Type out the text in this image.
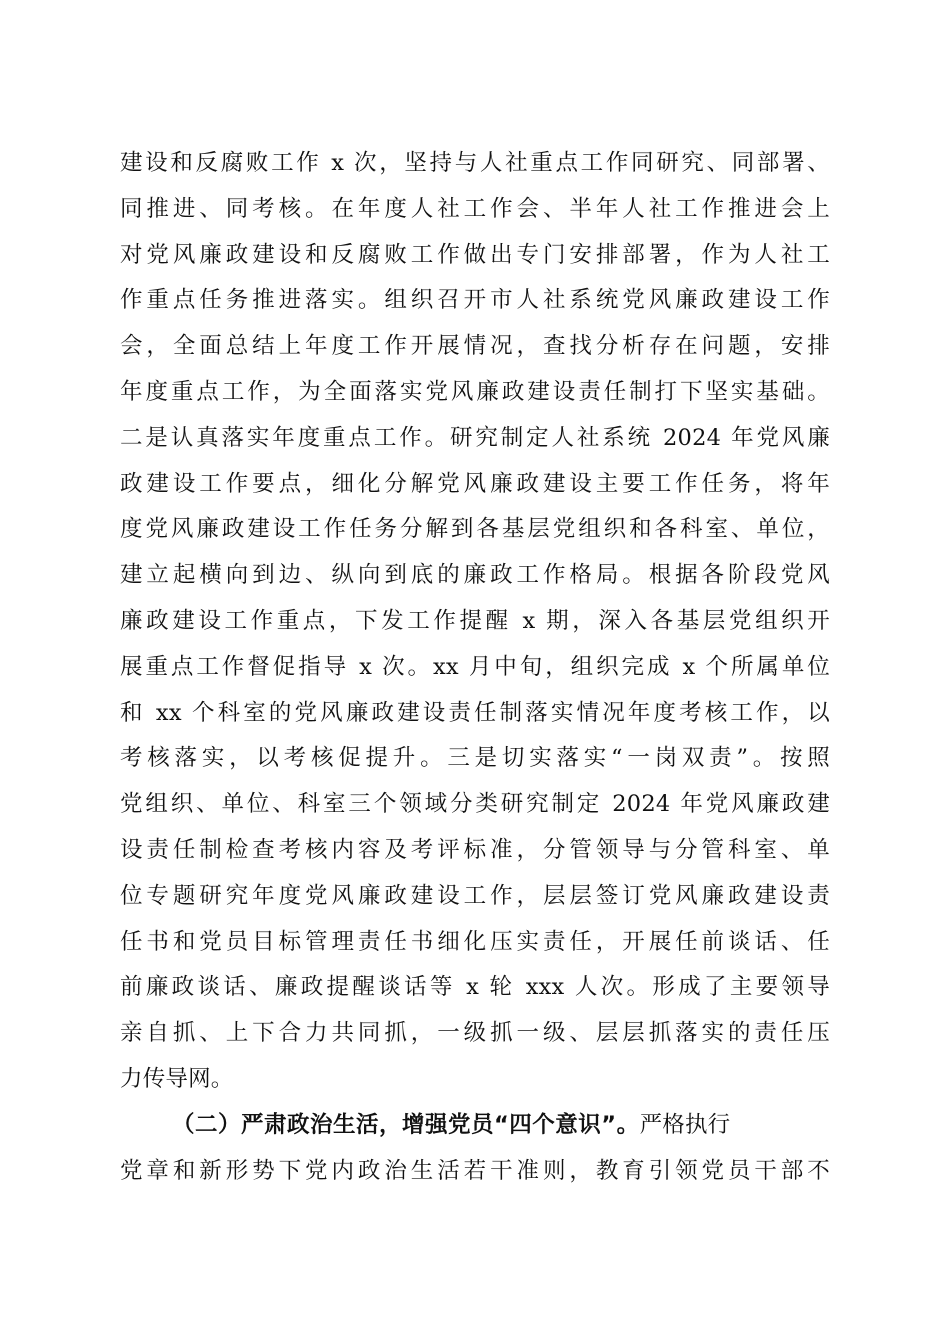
建设和反腐败工作 x 次，坚持与人社重点工作同研究、同部署、
同推进、同考核。在年度人社工作会、半年人社工作推进会上
对党风廉政建设和反腐败工作做出专门安排部署，作为人社工
作重点任务推进落实。组织召开市人社系统党风廉政建设工作
会，全面总结上年度工作开展情况，查找分析存在问题，安排
年度重点工作，为全面落实党风廉政建设责任制打下坚实基础。
二是认真落实年度重点工作。研究制定人社系统 2024 年党风廉
政建设工作要点，细化分解党风廉政建设主要工作任务，将年
度党风廉政建设工作任务分解到各基层党组织和各科室、单位，
建立起横向到边、纵向到底的廉政工作格局。根据各阶段党风
廉政建设工作重点，下发工作提醒 x 期，深入各基层党组织开
展重点工作督促指导 x 次。xx 月中旬，组织完成 x 个所属单位
和 xx 个科室的党风廉政建设责任制落实情况年度考核工作，以
考核落实，以考核促提升。三是切实落实“一岗双责”。按照
党组织、单位、科室三个领域分类研究制定 2024 年党风廉政建
设责任制检查考核内容及考评标准，分管领导与分管科室、单
位专题研究年度党风廉政建设工作，层层签订党风廉政建设责
任书和党员目标管理责任书细化压实责任，开展任前谈话、任
前廉政谈话、廉政提醒谈话等 x 轮 xxx 人次。形成了主要领导
亲自抓、上下合力共同抓，一级抓一级、层层抓落实的责任压
力传导网。
（二）严肃政治生活，增强党员“四个意识”。严格执行
党章和新形势下党内政治生活若干准则，教育引领党员干部不
